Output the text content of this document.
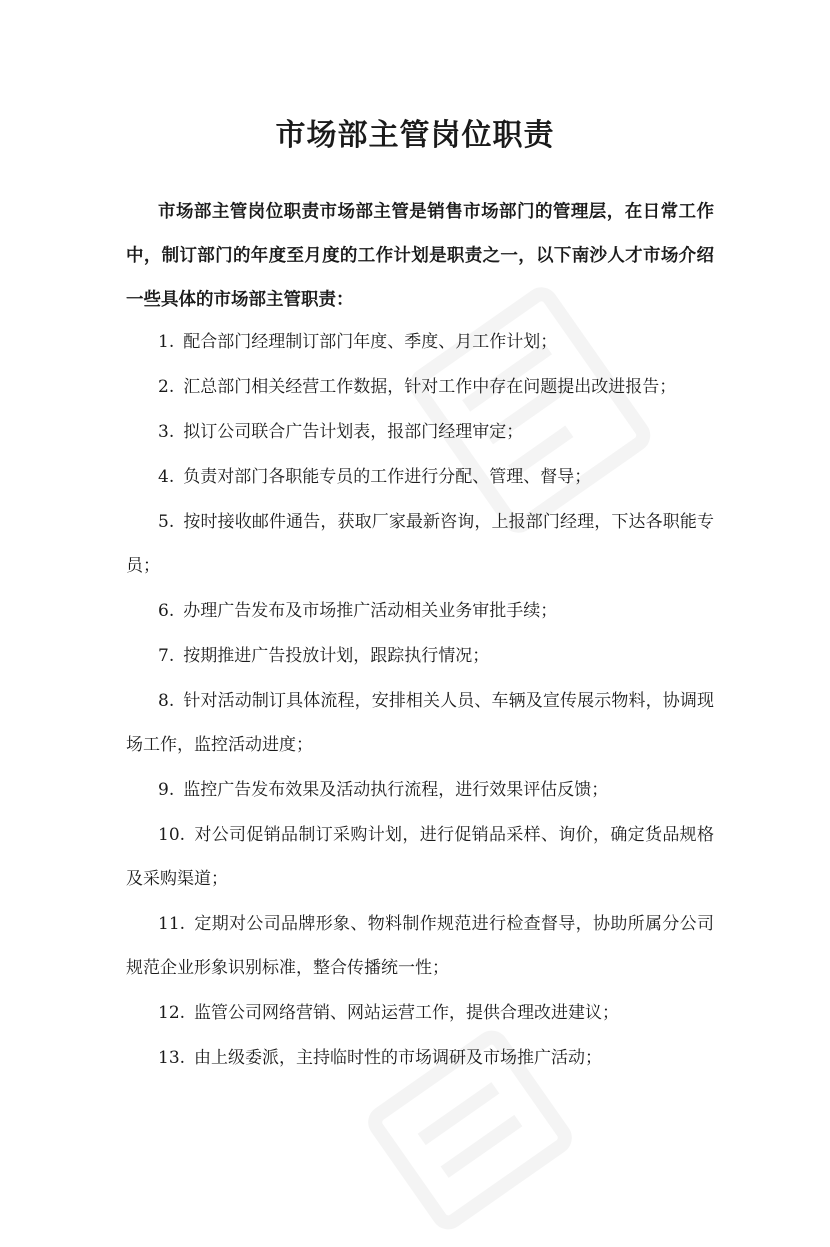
市场部主管岗位职责

市场部主管岗位职责市场部主管是销售市场部门的管理层，在日常工作中，制订部门的年度至月度的工作计划是职责之一，以下南沙人才市场介绍一些具体的市场部主管职责：

1. 配合部门经理制订部门年度、季度、月工作计划；
2. 汇总部门相关经营工作数据，针对工作中存在问题提出改进报告；
3. 拟订公司联合广告计划表，报部门经理审定；
4. 负责对部门各职能专员的工作进行分配、管理、督导；
5. 按时接收邮件通告，获取厂家最新咨询，上报部门经理，下达各职能专员；
6. 办理广告发布及市场推广活动相关业务审批手续；
7. 按期推进广告投放计划，跟踪执行情况；
8. 针对活动制订具体流程，安排相关人员、车辆及宣传展示物料，协调现场工作，监控活动进度；
9. 监控广告发布效果及活动执行流程，进行效果评估反馈；
10. 对公司促销品制订采购计划，进行促销品采样、询价，确定货品规格及采购渠道；
11. 定期对公司品牌形象、物料制作规范进行检查督导，协助所属分公司规范企业形象识别标准，整合传播统一性；
12. 监管公司网络营销、网站运营工作，提供合理改进建议；
13. 由上级委派，主持临时性的市场调研及市场推广活动；
